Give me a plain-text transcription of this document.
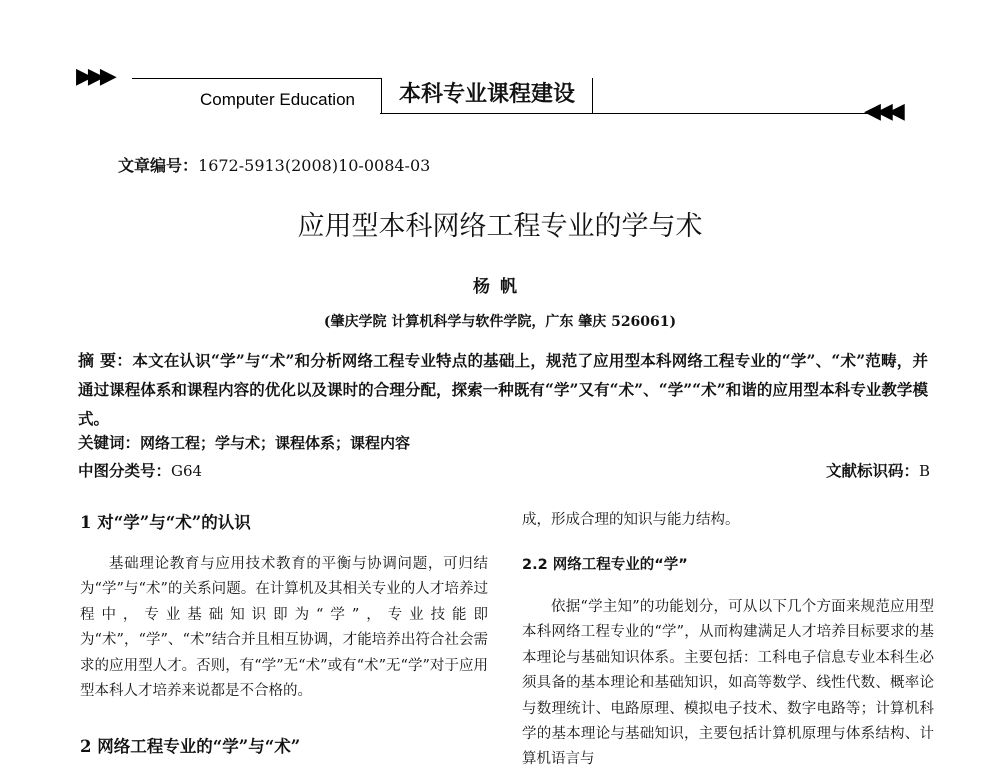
▶▶▶
Computer Education	本科专业课程建设
◀◀◀
文章编号：1672-5913(2008)10-0084-03
应用型本科网络工程专业的学与术
杨帆
(肇庆学院 计算机科学与软件学院，广东 肇庆 526061)
摘 要：本文在认识“学”与“术”和分析网络工程专业特点的基础上，规范了应用型本科网络工程专业的“学”、“术”范畴，并通过课程体系和课程内容的优化以及课时的合理分配，探索一种既有“学”又有“术”、“学”“术”和谐的应用型本科专业教学模式。
关键词：网络工程；学与术；课程体系；课程内容
中图分类号：G64	文献标识码：B
1 对“学”与“术”的认识
基础理论教育与应用技术教育的平衡与协调问题，可归结为“学”与“术”的关系问题。在计算机及其相关专业的人才培养过程中，专业基础知识即为“学”，专业技能即为“术”，“学”、“术”结合并且相互协调，才能培养出符合社会需求的应用型人才。否则，有“学”无“术”或有“术”无“学”对于应用型本科人才培养来说都是不合格的。
2 网络工程专业的“学”与“术”
成，形成合理的知识与能力结构。
2.2 网络工程专业的“学”
依据“学主知”的功能划分，可从以下几个方面来规范应用型本科网络工程专业的“学”，从而构建满足人才培养目标要求的基本理论与基础知识体系。主要包括：工科电子信息专业本科生必须具备的基本理论和基础知识，如高等数学、线性代数、概率论与数理统计、电路原理、模拟电子技术、数字电路等；计算机科学的基本理论与基础知识，主要包括计算机原理与体系结构、计算机语言与
